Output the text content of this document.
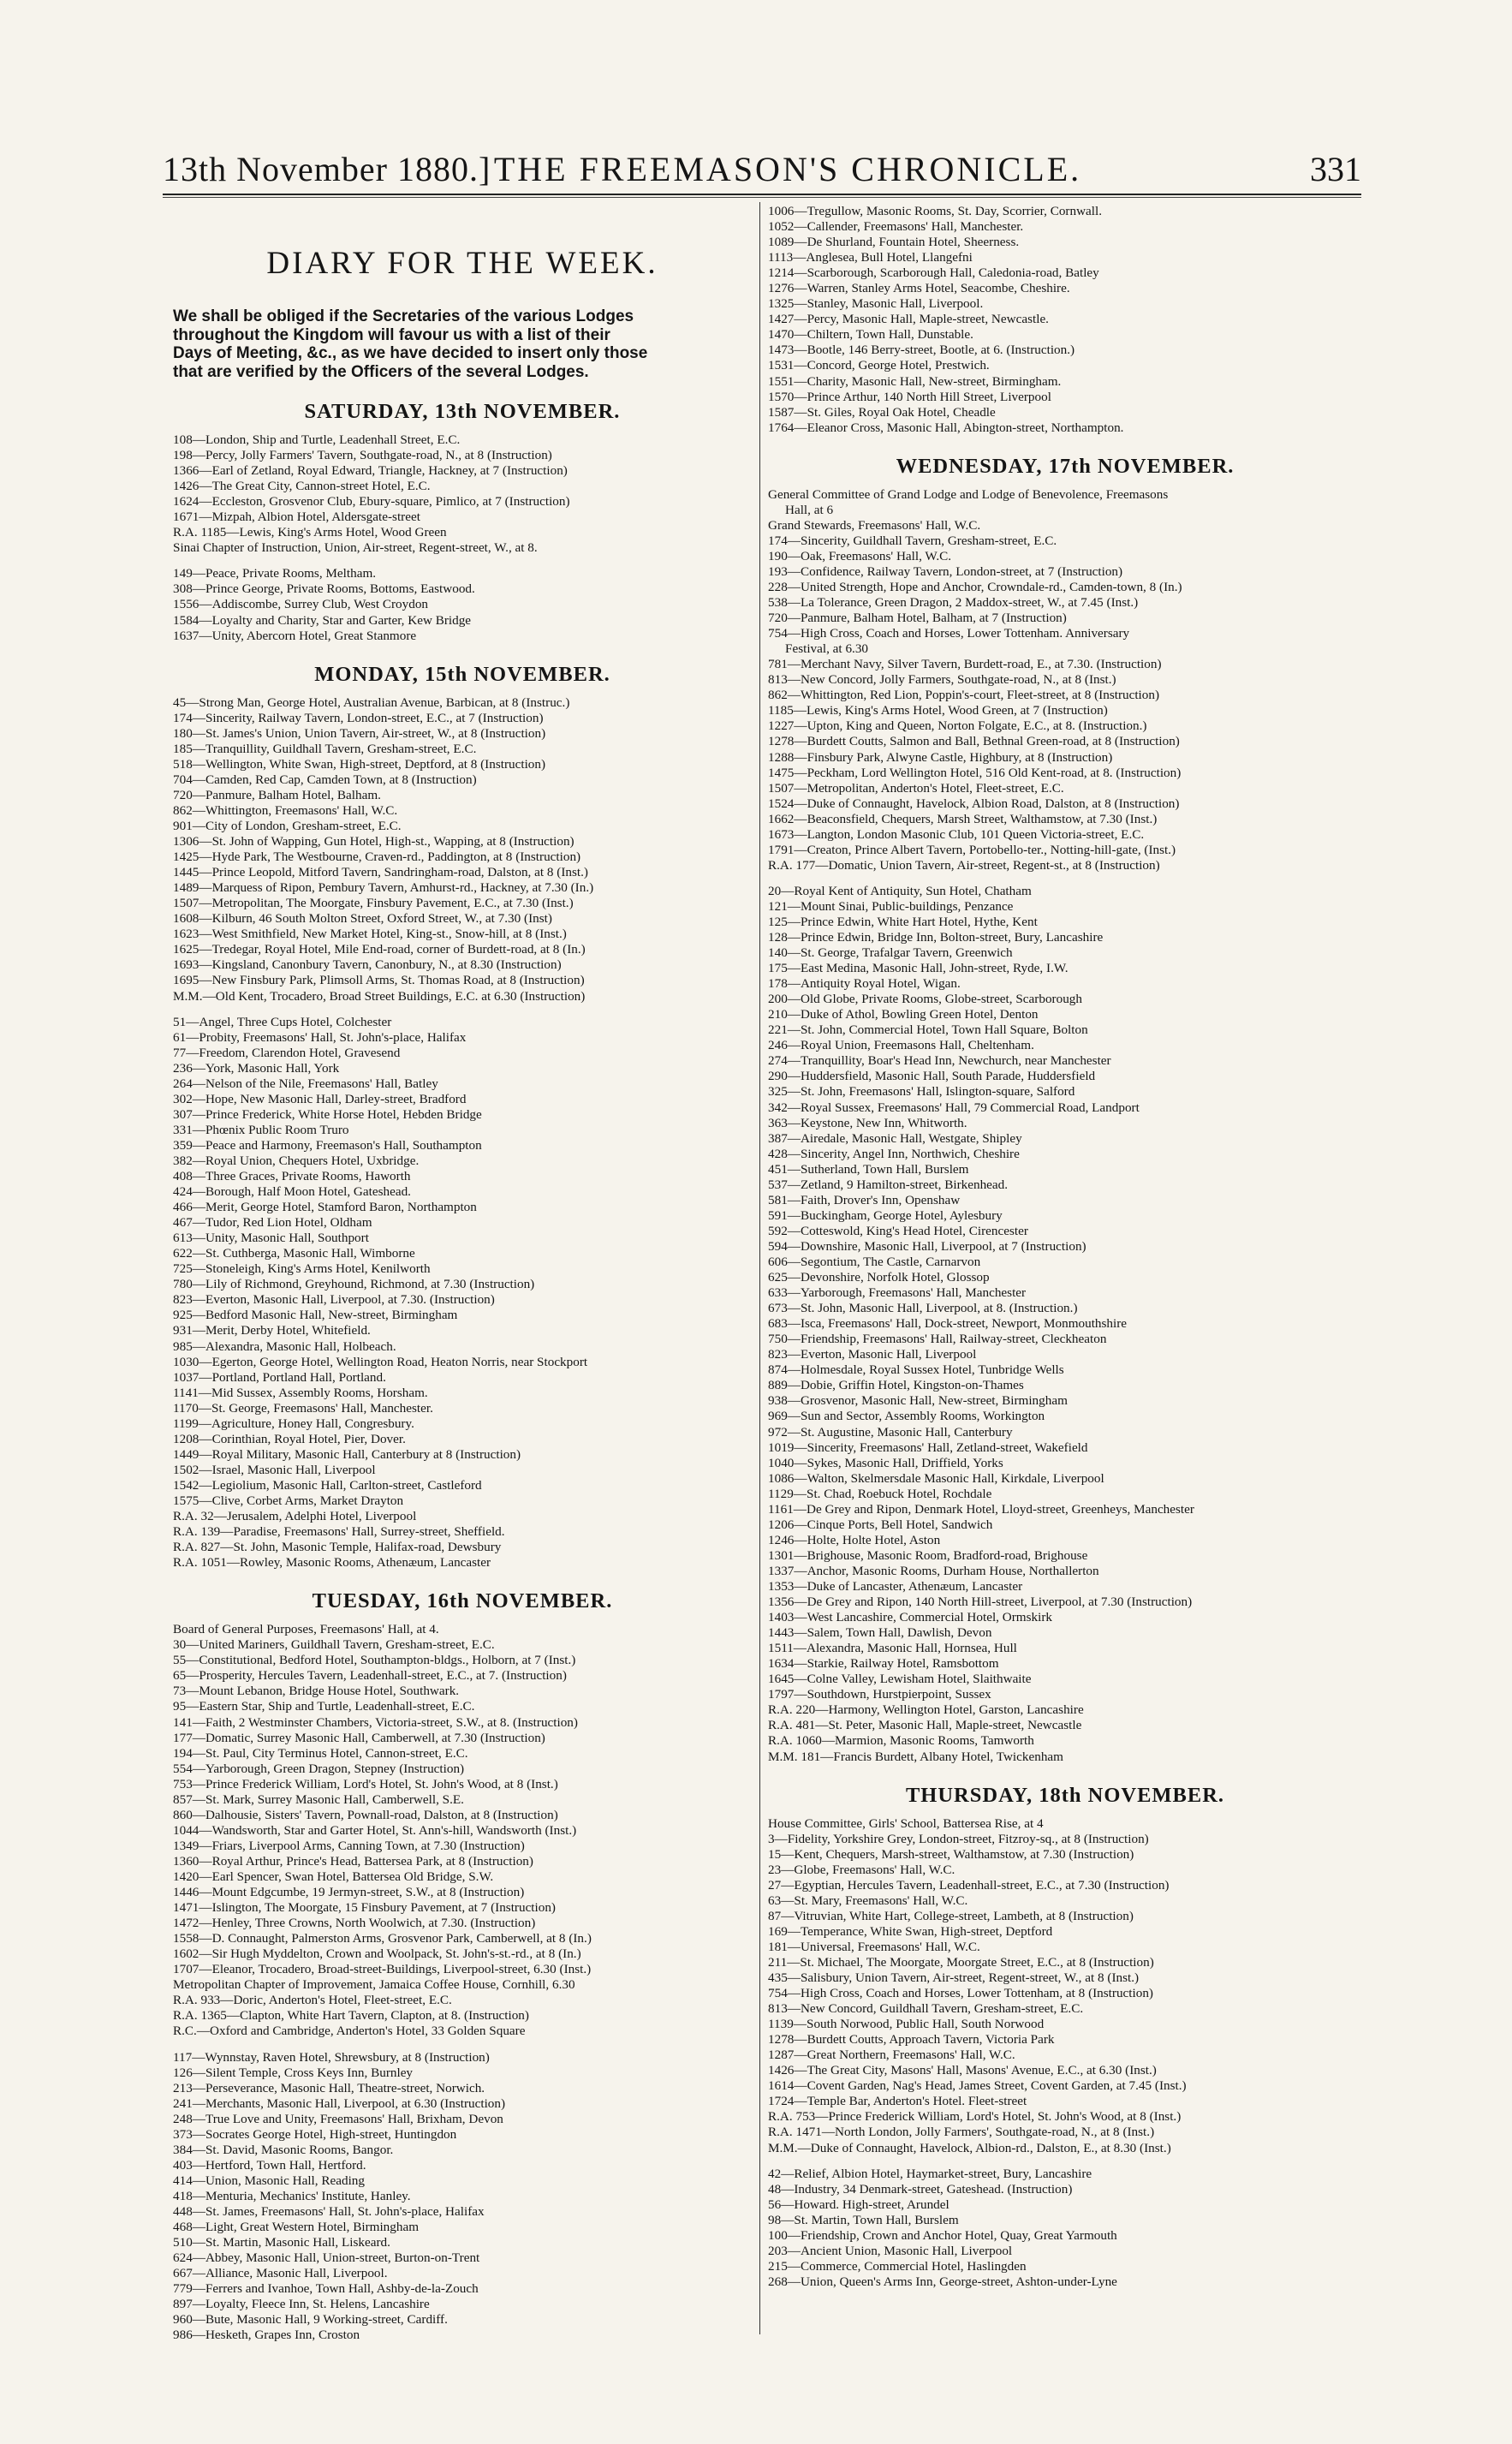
13th November 1880.] THE FREEMASON'S CHRONICLE.	331
DIARY FOR THE WEEK.
We shall be obliged if the Secretaries of the various Lodges
throughout the Kingdom will favour us with a list of their
Days of Meeting, &c., as we have decided to insert only those
that are verified by the Officers of the several Lodges.
SATURDAY, 13th NOVEMBER.
108—London, Ship and Turtle, Leadenhall Street, E.C.
198—Percy, Jolly Farmers' Tavern, Southgate-road, N., at 8 (Instruction)
1366—Earl of Zetland, Royal Edward, Triangle, Hackney, at 7 (Instruction)
1426—The Great City, Cannon-street Hotel, E.C.
1624—Eccleston, Grosvenor Club, Ebury-square, Pimlico, at 7 (Instruction)
1671—Mizpah, Albion Hotel, Aldersgate-street
R.A. 1185—Lewis, King's Arms Hotel, Wood Green
Sinai Chapter of Instruction, Union, Air-street, Regent-street, W., at 8.
149—Peace, Private Rooms, Meltham.
308—Prince George, Private Rooms, Bottoms, Eastwood.
1556—Addiscombe, Surrey Club, West Croydon
1584—Loyalty and Charity, Star and Garter, Kew Bridge
1637—Unity, Abercorn Hotel, Great Stanmore
MONDAY, 15th NOVEMBER.
45—Strong Man, George Hotel, Australian Avenue, Barbican, at 8 (Instruc.)
174—Sincerity, Railway Tavern, London-street, E.C., at 7 (Instruction)
180—St. James's Union, Union Tavern, Air-street, W., at 8 (Instruction)
185—Tranquillity, Guildhall Tavern, Gresham-street, E.C.
518—Wellington, White Swan, High-street, Deptford, at 8 (Instruction)
704—Camden, Red Cap, Camden Town, at 8 (Instruction)
720—Panmure, Balham Hotel, Balham.
862—Whittington, Freemasons' Hall, W.C.
901—City of London, Gresham-street, E.C.
1306—St. John of Wapping, Gun Hotel, High-st., Wapping, at 8 (Instruction)
1425—Hyde Park, The Westbourne, Craven-rd., Paddington, at 8 (Instruction)
1445—Prince Leopold, Mitford Tavern, Sandringham-road, Dalston, at 8 (Inst.)
1489—Marquess of Ripon, Pembury Tavern, Amhurst-rd., Hackney, at 7.30 (In.)
1507—Metropolitan, The Moorgate, Finsbury Pavement, E.C., at 7.30 (Inst.)
1608—Kilburn, 46 South Molton Street, Oxford Street, W., at 7.30 (Inst)
1623—West Smithfield, New Market Hotel, King-st., Snow-hill, at 8 (Inst.)
1625—Tredegar, Royal Hotel, Mile End-road, corner of Burdett-road, at 8 (In.)
1693—Kingsland, Canonbury Tavern, Canonbury, N., at 8.30 (Instruction)
1695—New Finsbury Park, Plimsoll Arms, St. Thomas Road, at 8 (Instruction)
M.M.—Old Kent, Trocadero, Broad Street Buildings, E.C. at 6.30 (Instruction)
51—Angel, Three Cups Hotel, Colchester
61—Probity, Freemasons' Hall, St. John's-place, Halifax
77—Freedom, Clarendon Hotel, Gravesend
236—York, Masonic Hall, York
264—Nelson of the Nile, Freemasons' Hall, Batley
302—Hope, New Masonic Hall, Darley-street, Bradford
307—Prince Frederick, White Horse Hotel, Hebden Bridge
331—Phœnix Public Room Truro
359—Peace and Harmony, Freemason's Hall, Southampton
382—Royal Union, Chequers Hotel, Uxbridge.
408—Three Graces, Private Rooms, Haworth
424—Borough, Half Moon Hotel, Gateshead.
466—Merit, George Hotel, Stamford Baron, Northampton
467—Tudor, Red Lion Hotel, Oldham
613—Unity, Masonic Hall, Southport
622—St. Cuthberga, Masonic Hall, Wimborne
725—Stoneleigh, King's Arms Hotel, Kenilworth
780—Lily of Richmond, Greyhound, Richmond, at 7.30 (Instruction)
823—Everton, Masonic Hall, Liverpool, at 7.30. (Instruction)
925—Bedford Masonic Hall, New-street, Birmingham
931—Merit, Derby Hotel, Whitefield.
985—Alexandra, Masonic Hall, Holbeach.
1030—Egerton, George Hotel, Wellington Road, Heaton Norris, near Stockport
1037—Portland, Portland Hall, Portland.
1141—Mid Sussex, Assembly Rooms, Horsham.
1170—St. George, Freemasons' Hall, Manchester.
1199—Agriculture, Honey Hall, Congresbury.
1208—Corinthian, Royal Hotel, Pier, Dover.
1449—Royal Military, Masonic Hall, Canterbury at 8 (Instruction)
1502—Israel, Masonic Hall, Liverpool
1542—Legiolium, Masonic Hall, Carlton-street, Castleford
1575—Clive, Corbet Arms, Market Drayton
R.A. 32—Jerusalem, Adelphi Hotel, Liverpool
R.A. 139—Paradise, Freemasons' Hall, Surrey-street, Sheffield.
R.A. 827—St. John, Masonic Temple, Halifax-road, Dewsbury
R.A. 1051—Rowley, Masonic Rooms, Athenæum, Lancaster
TUESDAY, 16th NOVEMBER.
Board of General Purposes, Freemasons' Hall, at 4.
30—United Mariners, Guildhall Tavern, Gresham-street, E.C.
55—Constitutional, Bedford Hotel, Southampton-bldgs., Holborn, at 7 (Inst.)
65—Prosperity, Hercules Tavern, Leadenhall-street, E.C., at 7. (Instruction)
73—Mount Lebanon, Bridge House Hotel, Southwark.
95—Eastern Star, Ship and Turtle, Leadenhall-street, E.C.
141—Faith, 2 Westminster Chambers, Victoria-street, S.W., at 8. (Instruction)
177—Domatic, Surrey Masonic Hall, Camberwell, at 7.30 (Instruction)
194—St. Paul, City Terminus Hotel, Cannon-street, E.C.
554—Yarborough, Green Dragon, Stepney (Instruction)
753—Prince Frederick William, Lord's Hotel, St. John's Wood, at 8 (Inst.)
857—St. Mark, Surrey Masonic Hall, Camberwell, S.E.
860—Dalhousie, Sisters' Tavern, Pownall-road, Dalston, at 8 (Instruction)
1044—Wandsworth, Star and Garter Hotel, St. Ann's-hill, Wandsworth (Inst.)
1349—Friars, Liverpool Arms, Canning Town, at 7.30 (Instruction)
1360—Royal Arthur, Prince's Head, Battersea Park, at 8 (Instruction)
1420—Earl Spencer, Swan Hotel, Battersea Old Bridge, S.W.
1446—Mount Edgcumbe, 19 Jermyn-street, S.W., at 8 (Instruction)
1471—Islington, The Moorgate, 15 Finsbury Pavement, at 7 (Instruction)
1472—Henley, Three Crowns, North Woolwich, at 7.30. (Instruction)
1558—D. Connaught, Palmerston Arms, Grosvenor Park, Camberwell, at 8 (In.)
1602—Sir Hugh Myddelton, Crown and Woolpack, St. John's-st.-rd., at 8 (In.)
1707—Eleanor, Trocadero, Broad-street-Buildings, Liverpool-street, 6.30 (Inst.)
Metropolitan Chapter of Improvement, Jamaica Coffee House, Cornhill, 6.30
R.A. 933—Doric, Anderton's Hotel, Fleet-street, E.C.
R.A. 1365—Clapton, White Hart Tavern, Clapton, at 8. (Instruction)
R.C.—Oxford and Cambridge, Anderton's Hotel, 33 Golden Square
117—Wynnstay, Raven Hotel, Shrewsbury, at 8 (Instruction)
126—Silent Temple, Cross Keys Inn, Burnley
213—Perseverance, Masonic Hall, Theatre-street, Norwich.
241—Merchants, Masonic Hall, Liverpool, at 6.30 (Instruction)
248—True Love and Unity, Freemasons' Hall, Brixham, Devon
373—Socrates George Hotel, High-street, Huntingdon
384—St. David, Masonic Rooms, Bangor.
403—Hertford, Town Hall, Hertford.
414—Union, Masonic Hall, Reading
418—Menturia, Mechanics' Institute, Hanley.
448—St. James, Freemasons' Hall, St. John's-place, Halifax
468—Light, Great Western Hotel, Birmingham
510—St. Martin, Masonic Hall, Liskeard.
624—Abbey, Masonic Hall, Union-street, Burton-on-Trent
667—Alliance, Masonic Hall, Liverpool.
779—Ferrers and Ivanhoe, Town Hall, Ashby-de-la-Zouch
897—Loyalty, Fleece Inn, St. Helens, Lancashire
960—Bute, Masonic Hall, 9 Working-street, Cardiff.
986—Hesketh, Grapes Inn, Croston
1006—Tregullow, Masonic Rooms, St. Day, Scorrier, Cornwall.
1052—Callender, Freemasons' Hall, Manchester.
1089—De Shurland, Fountain Hotel, Sheerness.
1113—Anglesea, Bull Hotel, Llangefni
1214—Scarborough, Scarborough Hall, Caledonia-road, Batley
1276—Warren, Stanley Arms Hotel, Seacombe, Cheshire.
1325—Stanley, Masonic Hall, Liverpool.
1427—Percy, Masonic Hall, Maple-street, Newcastle.
1470—Chiltern, Town Hall, Dunstable.
1473—Bootle, 146 Berry-street, Bootle, at 6. (Instruction.)
1531—Concord, George Hotel, Prestwich.
1551—Charity, Masonic Hall, New-street, Birmingham.
1570—Prince Arthur, 140 North Hill Street, Liverpool
1587—St. Giles, Royal Oak Hotel, Cheadle
1764—Eleanor Cross, Masonic Hall, Abington-street, Northampton.
WEDNESDAY, 17th NOVEMBER.
General Committee of Grand Lodge and Lodge of Benevolence, Freemasons
Hall, at 6
Grand Stewards, Freemasons' Hall, W.C.
174—Sincerity, Guildhall Tavern, Gresham-street, E.C.
190—Oak, Freemasons' Hall, W.C.
193—Confidence, Railway Tavern, London-street, at 7 (Instruction)
228—United Strength, Hope and Anchor, Crowndale-rd., Camden-town, 8 (In.)
538—La Tolerance, Green Dragon, 2 Maddox-street, W., at 7.45 (Inst.)
720—Panmure, Balham Hotel, Balham, at 7 (Instruction)
754—High Cross, Coach and Horses, Lower Tottenham. Anniversary
Festival, at 6.30
781—Merchant Navy, Silver Tavern, Burdett-road, E., at 7.30. (Instruction)
813—New Concord, Jolly Farmers, Southgate-road, N., at 8 (Inst.)
862—Whittington, Red Lion, Poppin's-court, Fleet-street, at 8 (Instruction)
1185—Lewis, King's Arms Hotel, Wood Green, at 7 (Instruction)
1227—Upton, King and Queen, Norton Folgate, E.C., at 8. (Instruction.)
1278—Burdett Coutts, Salmon and Ball, Bethnal Green-road, at 8 (Instruction)
1288—Finsbury Park, Alwyne Castle, Highbury, at 8 (Instruction)
1475—Peckham, Lord Wellington Hotel, 516 Old Kent-road, at 8. (Instruction)
1507—Metropolitan, Anderton's Hotel, Fleet-street, E.C.
1524—Duke of Connaught, Havelock, Albion Road, Dalston, at 8 (Instruction)
1662—Beaconsfield, Chequers, Marsh Street, Walthamstow, at 7.30 (Inst.)
1673—Langton, London Masonic Club, 101 Queen Victoria-street, E.C.
1791—Creaton, Prince Albert Tavern, Portobello-ter., Notting-hill-gate, (Inst.)
R.A. 177—Domatic, Union Tavern, Air-street, Regent-st., at 8 (Instruction)
20—Royal Kent of Antiquity, Sun Hotel, Chatham
121—Mount Sinai, Public-buildings, Penzance
125—Prince Edwin, White Hart Hotel, Hythe, Kent
128—Prince Edwin, Bridge Inn, Bolton-street, Bury, Lancashire
140—St. George, Trafalgar Tavern, Greenwich
175—East Medina, Masonic Hall, John-street, Ryde, I.W.
178—Antiquity Royal Hotel, Wigan.
200—Old Globe, Private Rooms, Globe-street, Scarborough
210—Duke of Athol, Bowling Green Hotel, Denton
221—St. John, Commercial Hotel, Town Hall Square, Bolton
246—Royal Union, Freemasons Hall, Cheltenham.
274—Tranquillity, Boar's Head Inn, Newchurch, near Manchester
290—Huddersfield, Masonic Hall, South Parade, Huddersfield
325—St. John, Freemasons' Hall, Islington-square, Salford
342—Royal Sussex, Freemasons' Hall, 79 Commercial Road, Landport
363—Keystone, New Inn, Whitworth.
387—Airedale, Masonic Hall, Westgate, Shipley
428—Sincerity, Angel Inn, Northwich, Cheshire
451—Sutherland, Town Hall, Burslem
537—Zetland, 9 Hamilton-street, Birkenhead.
581—Faith, Drover's Inn, Openshaw
591—Buckingham, George Hotel, Aylesbury
592—Cotteswold, King's Head Hotel, Cirencester
594—Downshire, Masonic Hall, Liverpool, at 7 (Instruction)
606—Segontium, The Castle, Carnarvon
625—Devonshire, Norfolk Hotel, Glossop
633—Yarborough, Freemasons' Hall, Manchester
673—St. John, Masonic Hall, Liverpool, at 8. (Instruction.)
683—Isca, Freemasons' Hall, Dock-street, Newport, Monmouthshire
750—Friendship, Freemasons' Hall, Railway-street, Cleckheaton
823—Everton, Masonic Hall, Liverpool
874—Holmesdale, Royal Sussex Hotel, Tunbridge Wells
889—Dobie, Griffin Hotel, Kingston-on-Thames
938—Grosvenor, Masonic Hall, New-street, Birmingham
969—Sun and Sector, Assembly Rooms, Workington
972—St. Augustine, Masonic Hall, Canterbury
1019—Sincerity, Freemasons' Hall, Zetland-street, Wakefield
1040—Sykes, Masonic Hall, Driffield, Yorks
1086—Walton, Skelmersdale Masonic Hall, Kirkdale, Liverpool
1129—St. Chad, Roebuck Hotel, Rochdale
1161—De Grey and Ripon, Denmark Hotel, Lloyd-street, Greenheys, Manchester
1206—Cinque Ports, Bell Hotel, Sandwich
1246—Holte, Holte Hotel, Aston
1301—Brighouse, Masonic Room, Bradford-road, Brighouse
1337—Anchor, Masonic Rooms, Durham House, Northallerton
1353—Duke of Lancaster, Athenæum, Lancaster
1356—De Grey and Ripon, 140 North Hill-street, Liverpool, at 7.30 (Instruction)
1403—West Lancashire, Commercial Hotel, Ormskirk
1443—Salem, Town Hall, Dawlish, Devon
1511—Alexandra, Masonic Hall, Hornsea, Hull
1634—Starkie, Railway Hotel, Ramsbottom
1645—Colne Valley, Lewisham Hotel, Slaithwaite
1797—Southdown, Hurstpierpoint, Sussex
R.A. 220—Harmony, Wellington Hotel, Garston, Lancashire
R.A. 481—St. Peter, Masonic Hall, Maple-street, Newcastle
R.A. 1060—Marmion, Masonic Rooms, Tamworth
M.M. 181—Francis Burdett, Albany Hotel, Twickenham
THURSDAY, 18th NOVEMBER.
House Committee, Girls' School, Battersea Rise, at 4
3—Fidelity, Yorkshire Grey, London-street, Fitzroy-sq., at 8 (Instruction)
15—Kent, Chequers, Marsh-street, Walthamstow, at 7.30 (Instruction)
23—Globe, Freemasons' Hall, W.C.
27—Egyptian, Hercules Tavern, Leadenhall-street, E.C., at 7.30 (Instruction)
63—St. Mary, Freemasons' Hall, W.C.
87—Vitruvian, White Hart, College-street, Lambeth, at 8 (Instruction)
169—Temperance, White Swan, High-street, Deptford
181—Universal, Freemasons' Hall, W.C.
211—St. Michael, The Moorgate, Moorgate Street, E.C., at 8 (Instruction)
435—Salisbury, Union Tavern, Air-street, Regent-street, W., at 8 (Inst.)
754—High Cross, Coach and Horses, Lower Tottenham, at 8 (Instruction)
813—New Concord, Guildhall Tavern, Gresham-street, E.C.
1139—South Norwood, Public Hall, South Norwood
1278—Burdett Coutts, Approach Tavern, Victoria Park
1287—Great Northern, Freemasons' Hall, W.C.
1426—The Great City, Masons' Hall, Masons' Avenue, E.C., at 6.30 (Inst.)
1614—Covent Garden, Nag's Head, James Street, Covent Garden, at 7.45 (Inst.)
1724—Temple Bar, Anderton's Hotel. Fleet-street
R.A. 753—Prince Frederick William, Lord's Hotel, St. John's Wood, at 8 (Inst.)
R.A. 1471—North London, Jolly Farmers', Southgate-road, N., at 8 (Inst.)
M.M.—Duke of Connaught, Havelock, Albion-rd., Dalston, E., at 8.30 (Inst.)
42—Relief, Albion Hotel, Haymarket-street, Bury, Lancashire
48—Industry, 34 Denmark-street, Gateshead. (Instruction)
56—Howard. High-street, Arundel
98—St. Martin, Town Hall, Burslem
100—Friendship, Crown and Anchor Hotel, Quay, Great Yarmouth
203—Ancient Union, Masonic Hall, Liverpool
215—Commerce, Commercial Hotel, Haslingden
268—Union, Queen's Arms Inn, George-street, Ashton-under-Lyne
